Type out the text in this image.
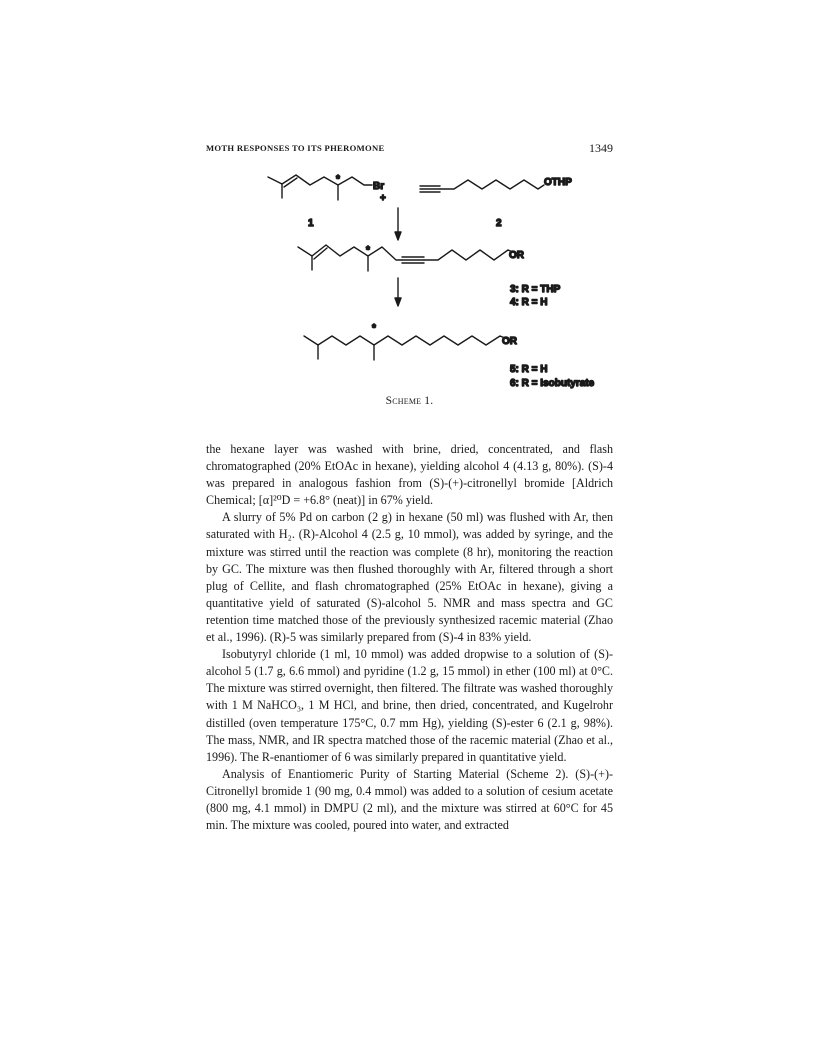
MOTH RESPONSES TO ITS PHEROMONE	1349
Br
*
+
1
OTHP
2
*	OR
3: R = THP
4: R = H
*
OR
5: R = H
6: R = Isobutyrate
Scheme 1.

the hexane layer was washed with brine, dried, concentrated, and flash chromatographed (20% EtOAc in hexane), yielding alcohol 4 (4.13 g, 80%). (S)-4 was prepared in analogous fashion from (S)-(+)-citronellyl bromide [Aldrich Chemical; [α]²⁰D = +6.8° (neat)] in 67% yield.

A slurry of 5% Pd on carbon (2 g) in hexane (50 ml) was flushed with Ar, then saturated with H₂. (R)-Alcohol 4 (2.5 g, 10 mmol), was added by syringe, and the mixture was stirred until the reaction was complete (8 hr), monitoring the reaction by GC. The mixture was then flushed thoroughly with Ar, filtered through a short plug of Cellite, and flash chromatographed (25% EtOAc in hexane), giving a quantitative yield of saturated (S)-alcohol 5. NMR and mass spectra and GC retention time matched those of the previously synthesized racemic material (Zhao et al., 1996). (R)-5 was similarly prepared from (S)-4 in 83% yield.

Isobutyryl chloride (1 ml, 10 mmol) was added dropwise to a solution of (S)-alcohol 5 (1.7 g, 6.6 mmol) and pyridine (1.2 g, 15 mmol) in ether (100 ml) at 0°C. The mixture was stirred overnight, then filtered. The filtrate was washed thoroughly with 1 M NaHCO₃, 1 M HCl, and brine, then dried, concentrated, and Kugelrohr distilled (oven temperature 175°C, 0.7 mm Hg), yielding (S)-ester 6 (2.1 g, 98%). The mass, NMR, and IR spectra matched those of the racemic material (Zhao et al., 1996). The R-enantiomer of 6 was similarly prepared in quantitative yield.

Analysis of Enantiomeric Purity of Starting Material (Scheme 2). (S)-(+)-Citronellyl bromide 1 (90 mg, 0.4 mmol) was added to a solution of cesium acetate (800 mg, 4.1 mmol) in DMPU (2 ml), and the mixture was stirred at 60°C for 45 min. The mixture was cooled, poured into water, and extracted
